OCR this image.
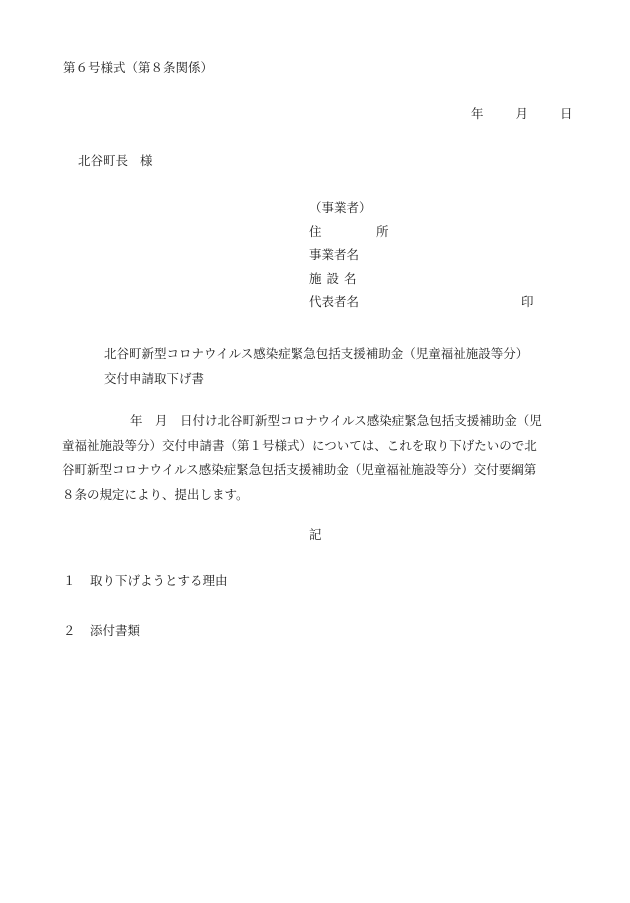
第６号様式（第８条関係）
年	月	日
北谷町長 様
（事業者）
住　所
事業者名
施設名
代表者名	印
北谷町新型コロナウイルス感染症緊急包括支援補助金（児童福祉施設等分）
交付申請取下げ書
年　月　日付け北谷町新型コロナウイルス感染症緊急包括支援補助金（児
童福祉施設等分）交付申請書（第１号様式）については、これを取り下げたいので北
谷町新型コロナウイルス感染症緊急包括支援補助金（児童福祉施設等分）交付要綱第
８条の規定により、提出します。
記
１ 取り下げようとする理由
２ 添付書類
